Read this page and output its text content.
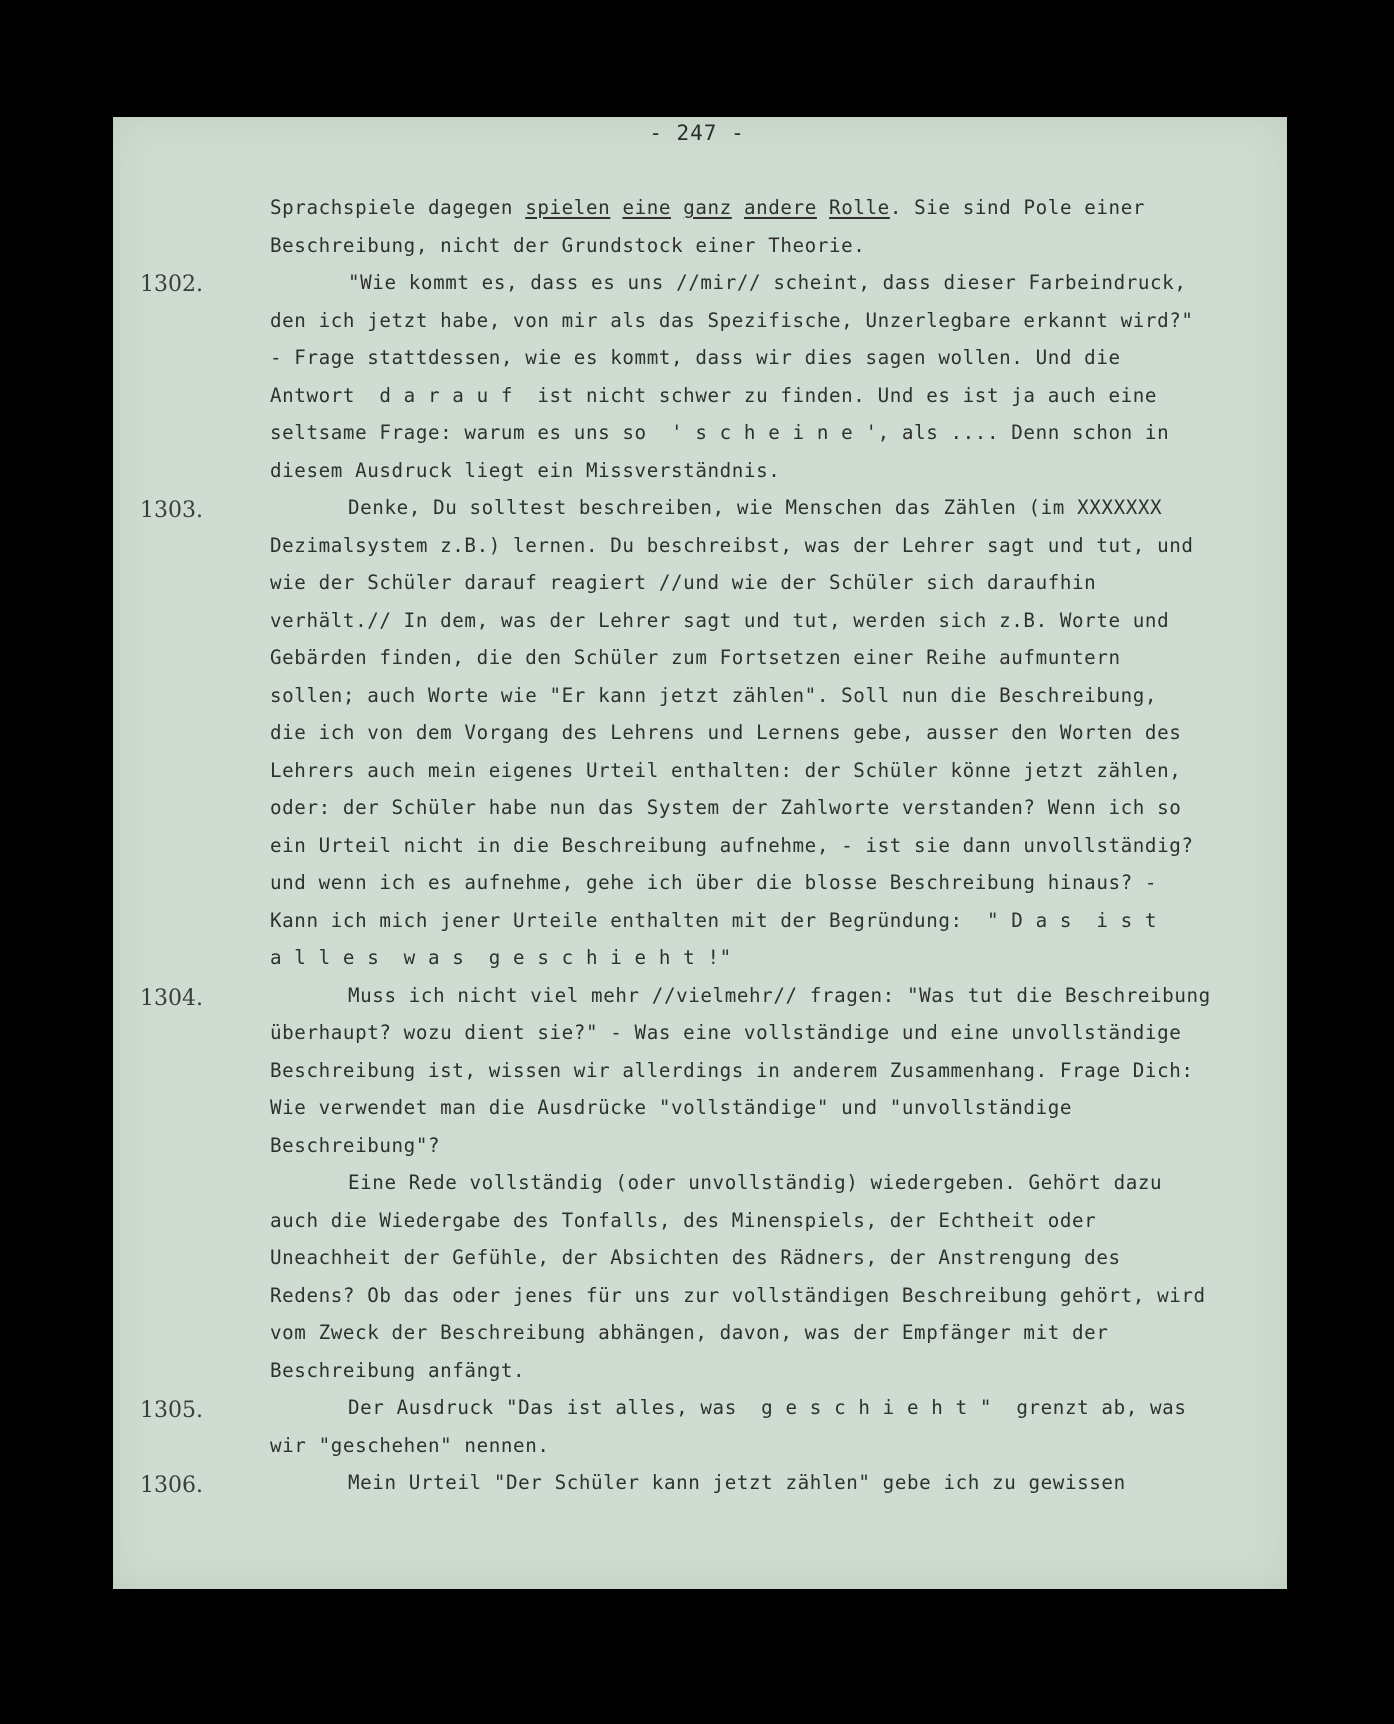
- 247 -
Sprachspiele dagegen spielen eine ganz andere Rolle. Sie sind Pole einer
Beschreibung, nicht der Grundstock einer Theorie.
1302.	"Wie kommt es, dass es uns //mir// scheint, dass dieser Farbeindruck,
den ich jetzt habe, von mir als das Spezifische, Unzerlegbare erkannt wird?"
- Frage stattdessen, wie es kommt, dass wir dies sagen wollen. Und die
Antwort  d a r a u f  ist nicht schwer zu finden. Und es ist ja auch eine
seltsame Frage: warum es uns so  ' s c h e i n e ', als .... Denn schon in
diesem Ausdruck liegt ein Missverständnis.
1303.	Denke, Du solltest beschreiben, wie Menschen das Zählen (im XXXXXXX
Dezimalsystem z.B.) lernen. Du beschreibst, was der Lehrer sagt und tut, und
wie der Schüler darauf reagiert //und wie der Schüler sich daraufhin
verhält.// In dem, was der Lehrer sagt und tut, werden sich z.B. Worte und
Gebärden finden, die den Schüler zum Fortsetzen einer Reihe aufmuntern
sollen; auch Worte wie "Er kann jetzt zählen". Soll nun die Beschreibung,
die ich von dem Vorgang des Lehrens und Lernens gebe, ausser den Worten des
Lehrers auch mein eigenes Urteil enthalten: der Schüler könne jetzt zählen,
oder: der Schüler habe nun das System der Zahlworte verstanden? Wenn ich so
ein Urteil nicht in die Beschreibung aufnehme, - ist sie dann unvollständig?
und wenn ich es aufnehme, gehe ich über die blosse Beschreibung hinaus? -
Kann ich mich jener Urteile enthalten mit der Begründung:  " D a s  i s t
a l l e s  w a s  g e s c h i e h t !"
1304.	Muss ich nicht viel mehr //vielmehr// fragen: "Was tut die Beschreibung
überhaupt? wozu dient sie?" - Was eine vollständige und eine unvollständige
Beschreibung ist, wissen wir allerdings in anderem Zusammenhang. Frage Dich:
Wie verwendet man die Ausdrücke "vollständige" und "unvollständige
Beschreibung"?
Eine Rede vollständig (oder unvollständig) wiedergeben. Gehört dazu
auch die Wiedergabe des Tonfalls, des Minenspiels, der Echtheit oder
Uneachheit der Gefühle, der Absichten des Rädners, der Anstrengung des
Redens? Ob das oder jenes für uns zur vollständigen Beschreibung gehört, wird
vom Zweck der Beschreibung abhängen, davon, was der Empfänger mit der
Beschreibung anfängt.
1305.	Der Ausdruck "Das ist alles, was  g e s c h i e h t "  grenzt ab, was
wir "geschehen" nennen.
1306.	Mein Urteil "Der Schüler kann jetzt zählen" gebe ich zu gewissen
